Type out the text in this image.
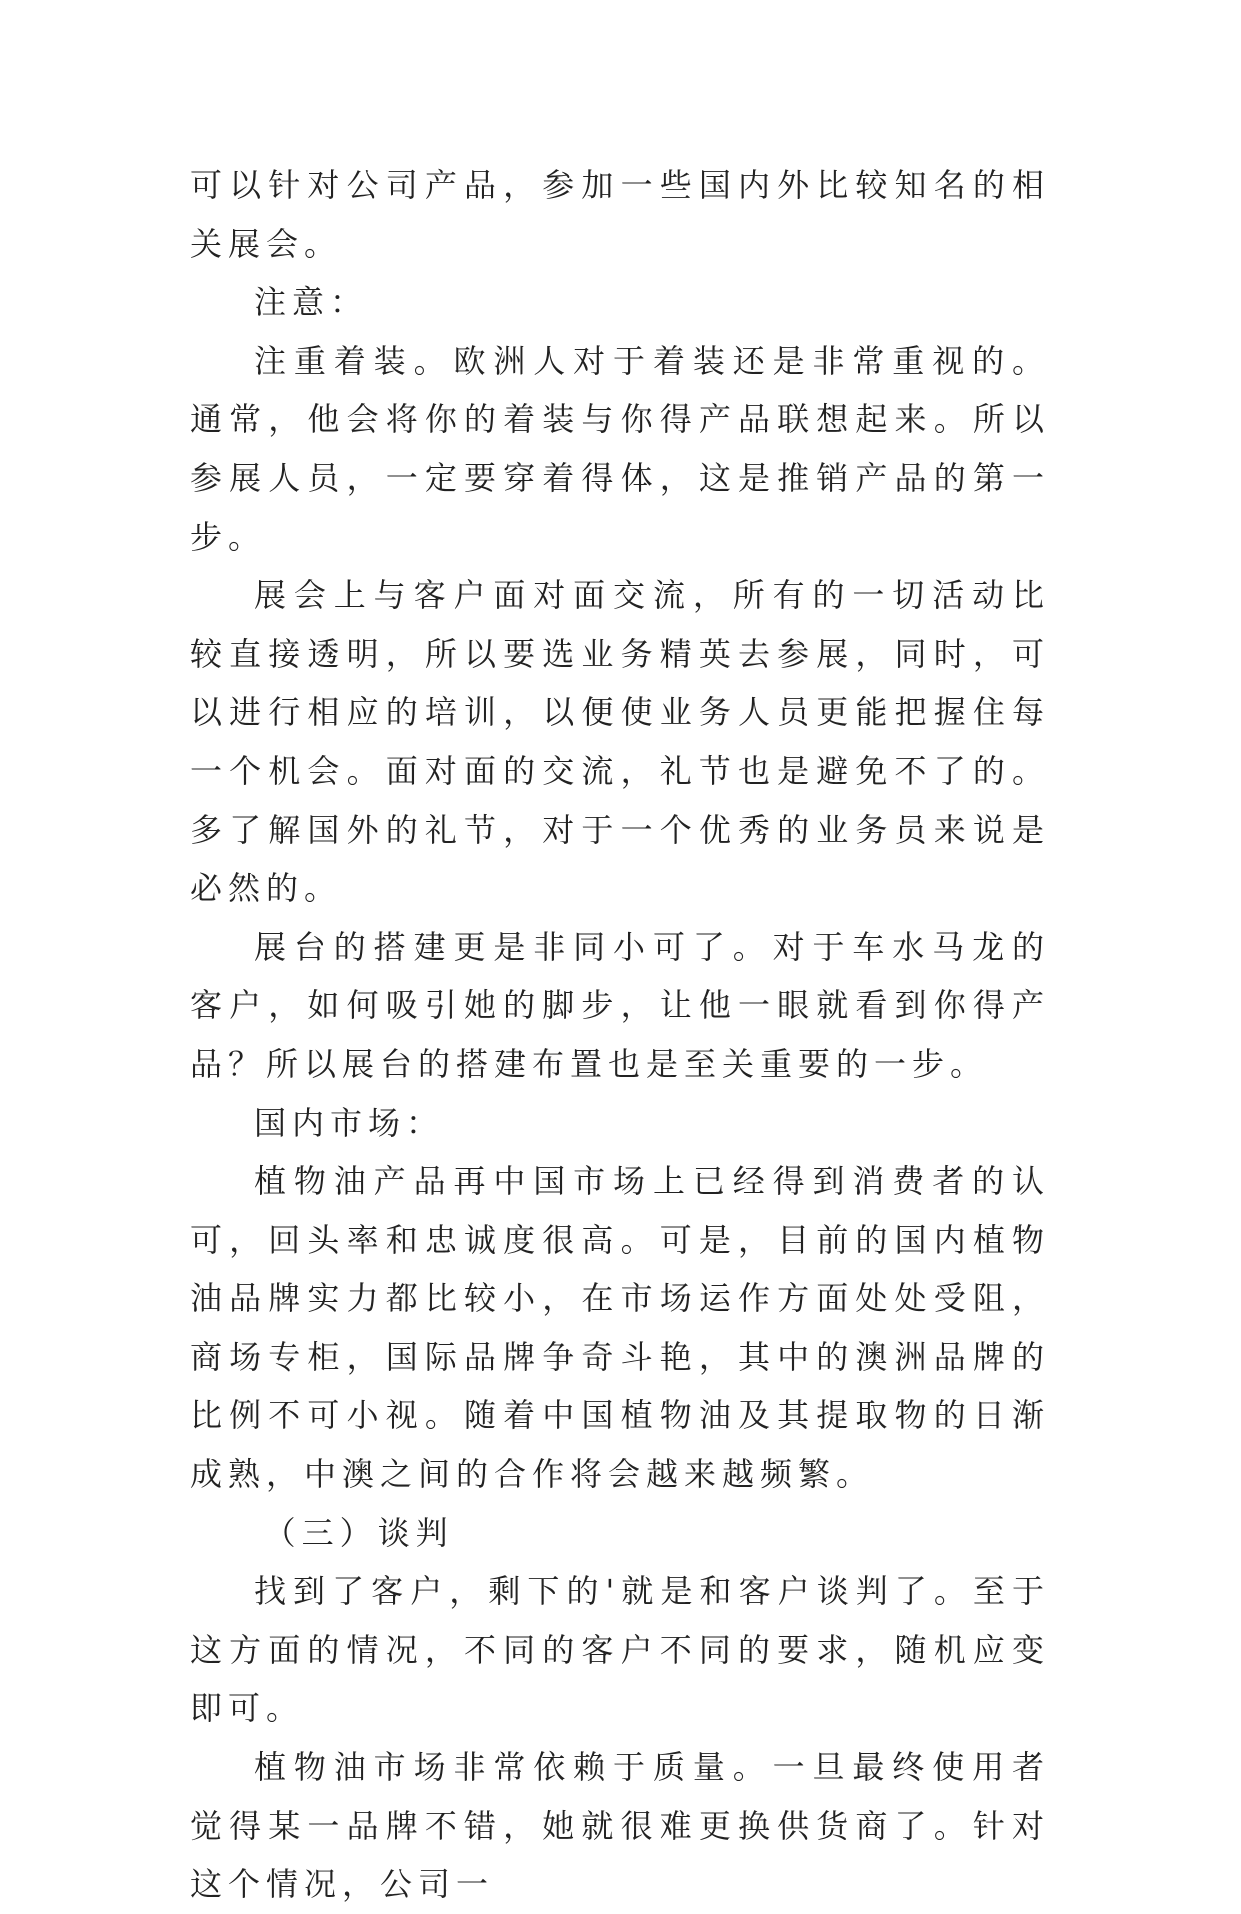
可以针对公司产品，参加一些国内外比较知名的相关展会。

注意：

注重着装。欧洲人对于着装还是非常重视的。通常，他会将你的着装与你得产品联想起来。所以参展人员，一定要穿着得体，这是推销产品的第一步。

展会上与客户面对面交流，所有的一切活动比较直接透明，所以要选业务精英去参展，同时，可以进行相应的培训，以便使业务人员更能把握住每一个机会。面对面的交流，礼节也是避免不了的。多了解国外的礼节，对于一个优秀的业务员来说是必然的。

展台的搭建更是非同小可了。对于车水马龙的客户，如何吸引她的脚步，让他一眼就看到你得产品？所以展台的搭建布置也是至关重要的一步。

国内市场：

植物油产品再中国市场上已经得到消费者的认可，回头率和忠诚度很高。可是，目前的国内植物油品牌实力都比较小，在市场运作方面处处受阻，商场专柜，国际品牌争奇斗艳，其中的澳洲品牌的比例不可小视。随着中国植物油及其提取物的日渐成熟，中澳之间的合作将会越来越频繁。

（三）谈判

找到了客户，剩下的'就是和客户谈判了。至于这方面的情况，不同的客户不同的要求，随机应变即可。

植物油市场非常依赖于质量。一旦最终使用者觉得某一品牌不错，她就很难更换供货商了。针对这个情况，公司一
